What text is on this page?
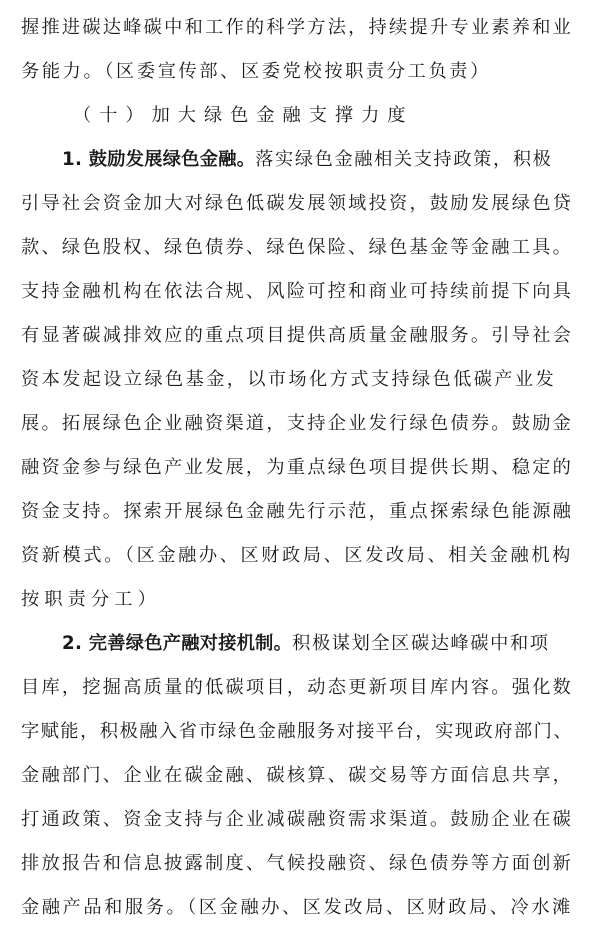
握推进碳达峰碳中和工作的科学方法，持续提升专业素养和业
务能力。（区委宣传部、区委党校按职责分工负责）
（十）加大绿色金融支撑力度
1. 鼓励发展绿色金融。落实绿色金融相关支持政策，积极
引导社会资金加大对绿色低碳发展领域投资，鼓励发展绿色贷
款、绿色股权、绿色债券、绿色保险、绿色基金等金融工具。
支持金融机构在依法合规、风险可控和商业可持续前提下向具
有显著碳减排效应的重点项目提供高质量金融服务。引导社会
资本发起设立绿色基金，以市场化方式支持绿色低碳产业发
展。拓展绿色企业融资渠道，支持企业发行绿色债券。鼓励金
融资金参与绿色产业发展，为重点绿色项目提供长期、稳定的
资金支持。探索开展绿色金融先行示范，重点探索绿色能源融
资新模式。（区金融办、区财政局、区发改局、相关金融机构
按职责分工）
2. 完善绿色产融对接机制。积极谋划全区碳达峰碳中和项
目库，挖掘高质量的低碳项目，动态更新项目库内容。强化数
字赋能，积极融入省市绿色金融服务对接平台，实现政府部门、
金融部门、企业在碳金融、碳核算、碳交易等方面信息共享，
打通政策、资金支持与企业减碳融资需求渠道。鼓励企业在碳
排放报告和信息披露制度、气候投融资、绿色债券等方面创新
金融产品和服务。（区金融办、区发改局、区财政局、冷水滩
